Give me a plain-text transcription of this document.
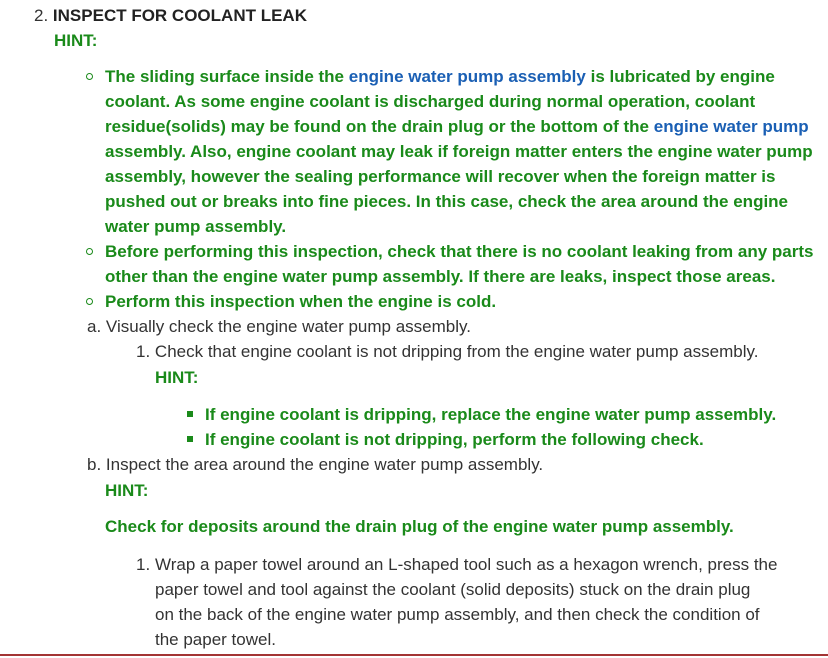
2. INSPECT FOR COOLANT LEAK
HINT:
The sliding surface inside the engine water pump assembly is lubricated by engine
coolant. As some engine coolant is discharged during normal operation, coolant
residue(solids) may be found on the drain plug or the bottom of the engine water pump
assembly. Also, engine coolant may leak if foreign matter enters the engine water pump
assembly, however the sealing performance will recover when the foreign matter is
pushed out or breaks into fine pieces. In this case, check the area around the engine
water pump assembly.
Before performing this inspection, check that there is no coolant leaking from any parts
other than the engine water pump assembly. If there are leaks, inspect those areas.
Perform this inspection when the engine is cold.
a. Visually check the engine water pump assembly.
1. Check that engine coolant is not dripping from the engine water pump assembly.
HINT:
If engine coolant is dripping, replace the engine water pump assembly.
If engine coolant is not dripping, perform the following check.
b. Inspect the area around the engine water pump assembly.
HINT:
Check for deposits around the drain plug of the engine water pump assembly.
1. Wrap a paper towel around an L-shaped tool such as a hexagon wrench, press the
paper towel and tool against the coolant (solid deposits) stuck on the drain plug
on the back of the engine water pump assembly, and then check the condition of
the paper towel.
